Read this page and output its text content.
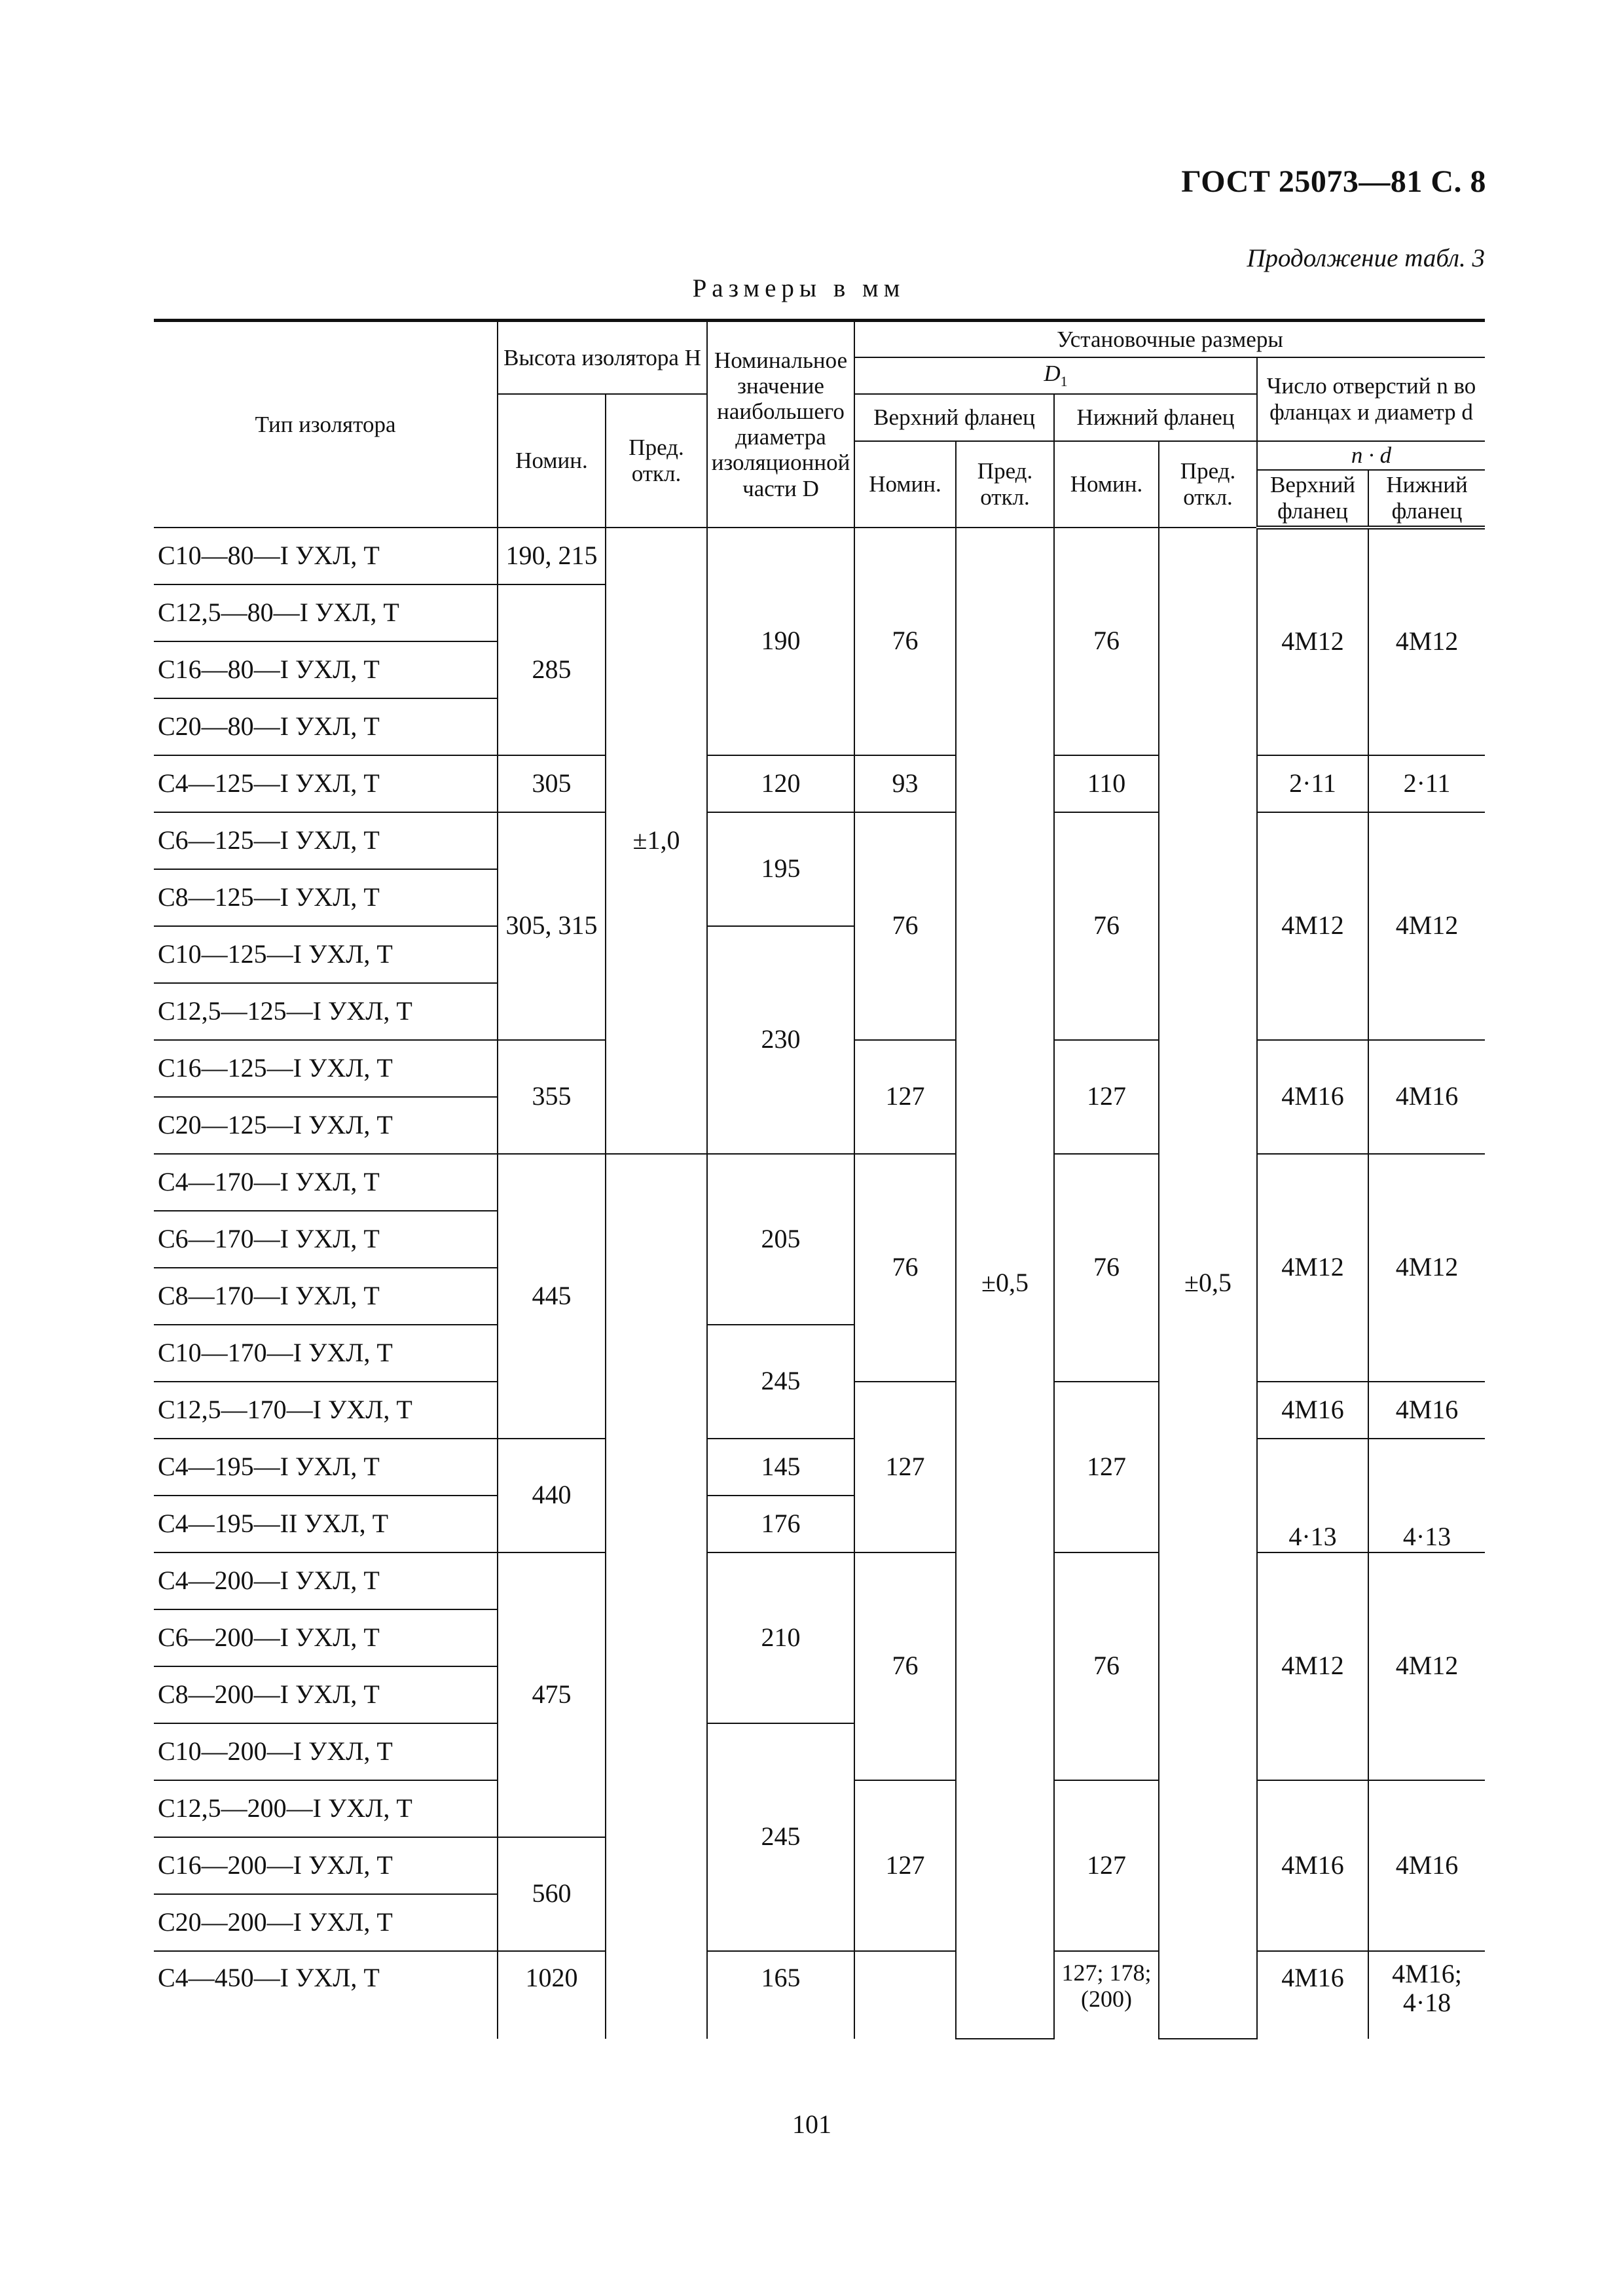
ГОСТ 25073—81 С. 8
Продолжение табл. 3
Размеры в мм
Тип изолятора	Высота изолятора H		Номинальное значение наибольшего диаметра изоляционной части D	Установочные размеры					
				$D_1$				Число отверстий n во фланцах и диаметр d	
	Номин.	Пред. откл.		Верхний фланец		Нижний фланец			
				Номин.	Пред. откл.	Номин.	Пред. откл.	n · d	
								Верхний фланец	Нижний фланец
С10—80—I УХЛ, Т	190, 215	±1,0	190	76	±0,5	76	±0,5	4М12	4М12
С12,5—80—I УХЛ, Т	285								
С16—80—I УХЛ, Т									
С20—80—I УХЛ, Т									
С4—125—I УХЛ, Т	305		120	93		110		2·11	2·11
С6—125—I УХЛ, Т	305, 315		195	76		76		4М12	4М12
С8—125—I УХЛ, Т									
С10—125—I УХЛ, Т			230						
С12,5—125—I УХЛ, Т									
С16—125—I УХЛ, Т	355			127		127		4М16	4М16
С20—125—I УХЛ, Т									
С4—170—I УХЛ, Т	445		205	76		76		4М12	4М12
С6—170—I УХЛ, Т									
С8—170—I УХЛ, Т									
С10—170—I УХЛ, Т			245						
С12,5—170—I УХЛ, Т				127		127		4М16	4М16
С4—195—I УХЛ, Т	440		145					4·13	4·13
С4—195—II УХЛ, Т			176						
С4—200—I УХЛ, Т	475		210	76		76		4М12	4М12
С6—200—I УХЛ, Т									
С8—200—I УХЛ, Т									
С10—200—I УХЛ, Т			245						
С12,5—200—I УХЛ, Т				127		127		4М16	4М16
С16—200—I УХЛ, Т	560								
С20—200—I УХЛ, Т									
С4—450—I УХЛ, Т	1020		165			127; 178; (200)		4М16	4М16; 4·18
101
